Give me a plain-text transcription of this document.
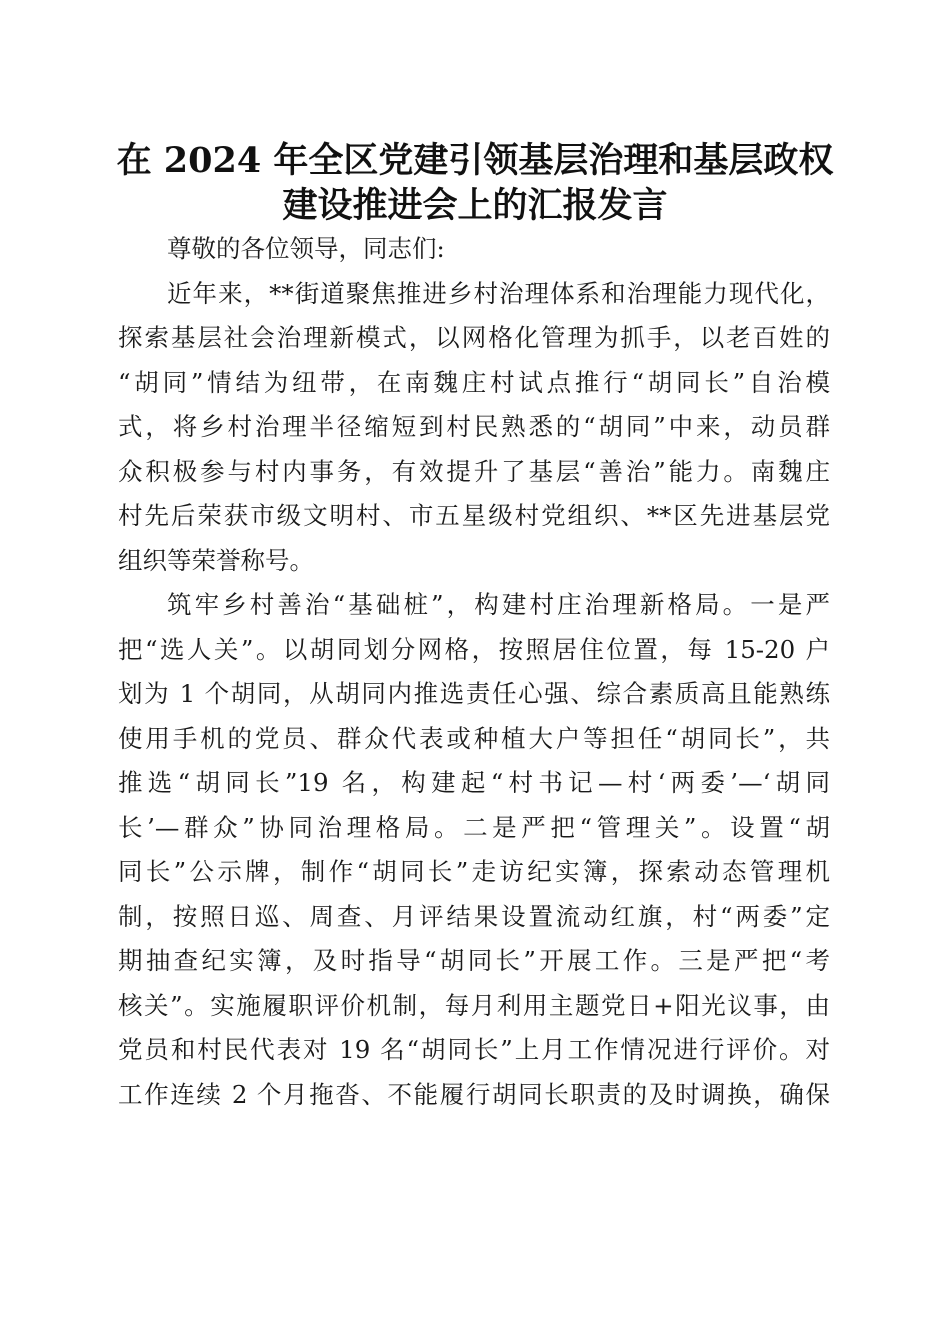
在 2024 年全区党建引领基层治理和基层政权
建设推进会上的汇报发言
尊敬的各位领导，同志们:
近年来，**街道聚焦推进乡村治理体系和治理能力现代化，
探索基层社会治理新模式，以网格化管理为抓手，以老百姓的
“胡同”情结为纽带，在南魏庄村试点推行“胡同长”自治模
式，将乡村治理半径缩短到村民熟悉的“胡同”中来，动员群
众积极参与村内事务，有效提升了基层“善治”能力。南魏庄
村先后荣获市级文明村、市五星级村党组织、**区先进基层党
组织等荣誉称号。
筑牢乡村善治“基础桩”，构建村庄治理新格局。一是严
把“选人关”。以胡同划分网格，按照居住位置，每 15-20 户
划为 1 个胡同，从胡同内推选责任心强、综合素质高且能熟练
使用手机的党员、群众代表或种植大户等担任“胡同长”，共
推选“胡同长”19 名，构建起“村书记—村‘两委’—‘胡同
长’—群众”协同治理格局。二是严把“管理关”。设置“胡
同长”公示牌，制作“胡同长”走访纪实簿，探索动态管理机
制，按照日巡、周查、月评结果设置流动红旗，村“两委”定
期抽查纪实簿，及时指导“胡同长”开展工作。三是严把“考
核关”。实施履职评价机制，每月利用主题党日+阳光议事，由
党员和村民代表对 19 名“胡同长”上月工作情况进行评价。对
工作连续 2 个月拖沓、不能履行胡同长职责的及时调换，确保
